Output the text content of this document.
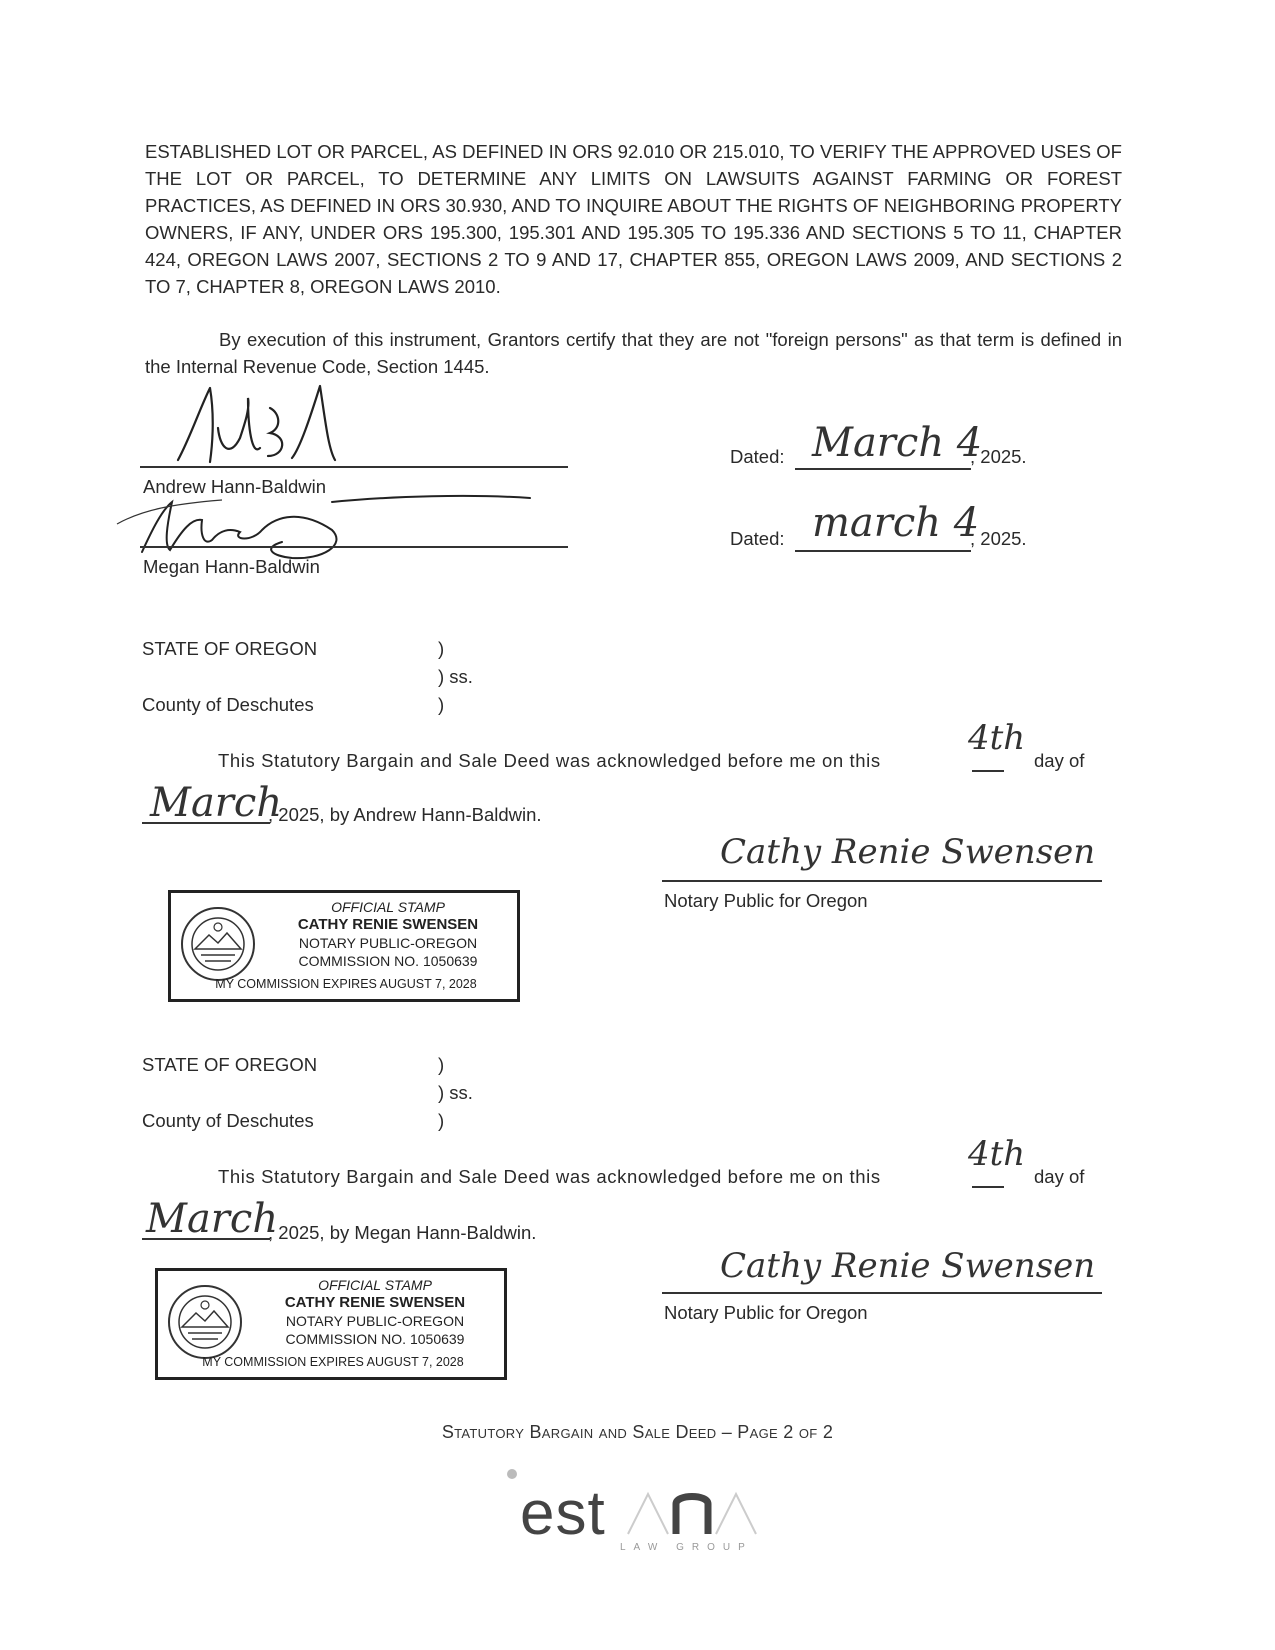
ESTABLISHED LOT OR PARCEL, AS DEFINED IN ORS 92.010 OR 215.010, TO VERIFY THE APPROVED USES OF THE LOT OR PARCEL, TO DETERMINE ANY LIMITS ON LAWSUITS AGAINST FARMING OR FOREST PRACTICES, AS DEFINED IN ORS 30.930, AND TO INQUIRE ABOUT THE RIGHTS OF NEIGHBORING PROPERTY OWNERS, IF ANY, UNDER ORS 195.300, 195.301 AND 195.305 TO 195.336 AND SECTIONS 5 TO 11, CHAPTER 424, OREGON LAWS 2007, SECTIONS 2 TO 9 AND 17, CHAPTER 855, OREGON LAWS 2009, AND SECTIONS 2 TO 7, CHAPTER 8, OREGON LAWS 2010.
By execution of this instrument, Grantors certify that they are not "foreign persons" as that term is defined in the Internal Revenue Code, Section 1445.
Andrew Hann-Baldwin
Dated: March 4
, 2025.
Megan Hann-Baldwin
Dated: march 4
, 2025.
STATE OF OREGON	)
) ss.
County of Deschutes	)
This Statutory Bargain and Sale Deed was acknowledged before me on this
4th
day of
March
, 2025, by Andrew Hann-Baldwin.
Cathy Renie Swensen
Notary Public for Oregon
OFFICIAL STAMP
CATHY RENIE SWENSEN
NOTARY PUBLIC-OREGON
COMMISSION NO. 1050639
MY COMMISSION EXPIRES AUGUST 7, 2028
STATE OF OREGON	)
) ss.
County of Deschutes	)
This Statutory Bargain and Sale Deed was acknowledged before me on this
4th
day of
March
, 2025, by Megan Hann-Baldwin.
Cathy Renie Swensen
Notary Public for Oregon
OFFICIAL STAMP
CATHY RENIE SWENSEN
NOTARY PUBLIC-OREGON
COMMISSION NO. 1050639
MY COMMISSION EXPIRES AUGUST 7, 2028
Statutory Bargain and Sale Deed – Page 2 of 2
est LAW GROUP
